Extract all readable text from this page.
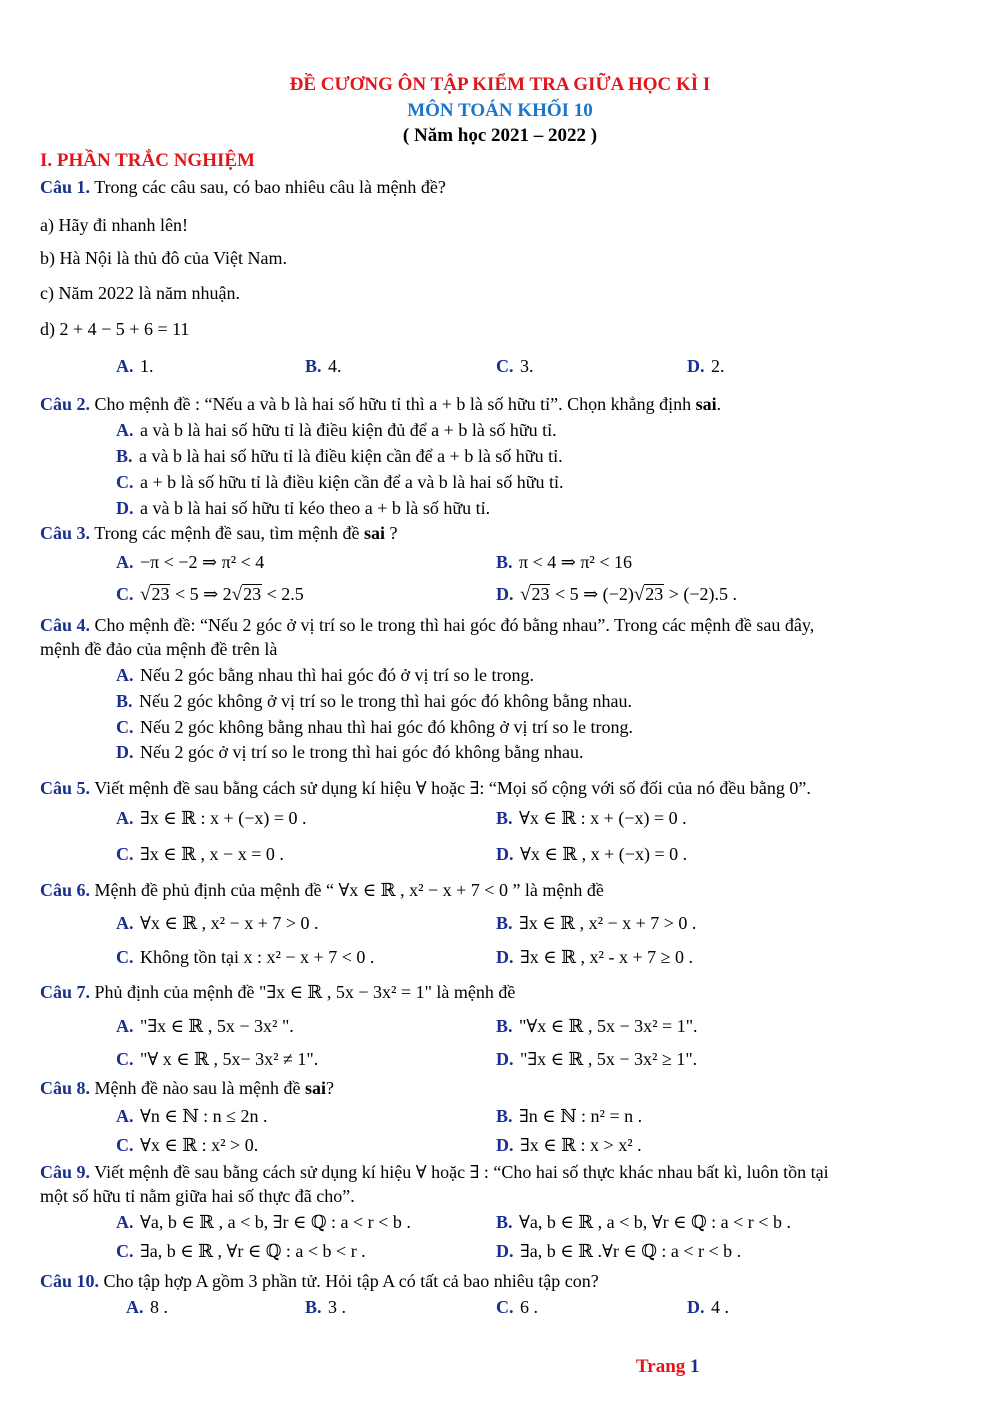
ĐỀ CƯƠNG ÔN TẬP KIỂM TRA GIỮA HỌC KÌ I
MÔN TOÁN KHỐI 10
( Năm học 2021 – 2022 )
I. PHẦN TRẮC NGHIỆM
Câu 1. Trong các câu sau, có bao nhiêu câu là mệnh đề?
a) Hãy đi nhanh lên!
b) Hà Nội là thủ đô của Việt Nam.
c) Năm 2022 là năm nhuận.
d) 2 + 4 − 5 + 6 = 11
A. 1.	B. 4.	C. 3.	D. 2.
Câu 2. Cho mệnh đề : “Nếu a và b là hai số hữu tỉ thì a + b là số hữu tỉ”. Chọn khẳng định sai.
A. a và b là hai số hữu tỉ là điều kiện đủ để a + b là số hữu tỉ.
B. a và b là hai số hữu tỉ là điều kiện cần để a + b là số hữu tỉ.
C. a + b là số hữu tỉ là điều kiện cần để a và b là hai số hữu tỉ.
D. a và b là hai số hữu tỉ kéo theo a + b là số hữu tỉ.
Câu 3. Trong các mệnh đề sau, tìm mệnh đề sai ?
A. −π < −2 ⇒ π² < 4	B. π < 4 ⇒ π² < 16
C. √23 < 5 ⇒ 2√23 < 2.5	D. √23 < 5 ⇒ (−2)√23 > (−2).5 .
Câu 4. Cho mệnh đề: “Nếu 2 góc ở vị trí so le trong thì hai góc đó bằng nhau”. Trong các mệnh đề sau đây,
mệnh đề đảo của mệnh đề trên là
A. Nếu 2 góc bằng nhau thì hai góc đó ở vị trí so le trong.
B. Nếu 2 góc không ở vị trí so le trong thì hai góc đó không bằng nhau.
C. Nếu 2 góc không bằng nhau thì hai góc đó không ở vị trí so le trong.
D. Nếu 2 góc ở vị trí so le trong thì hai góc đó không bằng nhau.
Câu 5. Viết mệnh đề sau bằng cách sử dụng kí hiệu ∀ hoặc ∃: “Mọi số cộng với số đối của nó đều bằng 0”.
A. ∃x ∈ ℝ : x + (−x) = 0 .	B. ∀x ∈ ℝ : x + (−x) = 0 .
C. ∃x ∈ ℝ , x − x = 0 .	D. ∀x ∈ ℝ , x + (−x) = 0 .
Câu 6. Mệnh đề phủ định của mệnh đề “ ∀x ∈ ℝ , x² − x + 7 < 0 ” là mệnh đề
A. ∀x ∈ ℝ , x² − x + 7 > 0 .	B. ∃x ∈ ℝ , x² − x + 7 > 0 .
C. Không tồn tại x : x² − x + 7 < 0 .	D. ∃x ∈ ℝ , x² - x + 7 ≥ 0 .
Câu 7. Phủ định của mệnh đề "∃x ∈ ℝ , 5x − 3x² = 1" là mệnh đề
A. "∃x ∈ ℝ , 5x − 3x² ".	B. "∀x ∈ ℝ , 5x − 3x² = 1".
C. "∀ x ∈ ℝ , 5x− 3x² ≠ 1".	D. "∃x ∈ ℝ , 5x − 3x² ≥ 1".
Câu 8. Mệnh đề nào sau là mệnh đề sai?
A. ∀n ∈ ℕ : n ≤ 2n .	B. ∃n ∈ ℕ : n² = n .
C. ∀x ∈ ℝ : x² > 0.	D. ∃x ∈ ℝ : x > x² .
Câu 9. Viết mệnh đề sau bằng cách sử dụng kí hiệu ∀ hoặc ∃ : “Cho hai số thực khác nhau bất kì, luôn tồn tại
một số hữu tỉ nằm giữa hai số thực đã cho”.
A. ∀a, b ∈ ℝ , a < b, ∃r ∈ ℚ : a < r < b .	B. ∀a, b ∈ ℝ , a < b, ∀r ∈ ℚ : a < r < b .
C. ∃a, b ∈ ℝ , ∀r ∈ ℚ : a < b < r .	D. ∃a, b ∈ ℝ .∀r ∈ ℚ : a < r < b .
Câu 10. Cho tập hợp A gồm 3 phần tử. Hỏi tập A có tất cả bao nhiêu tập con?
A. 8 .	B. 3 .	C. 6 .	D. 4 .
Trang 1
